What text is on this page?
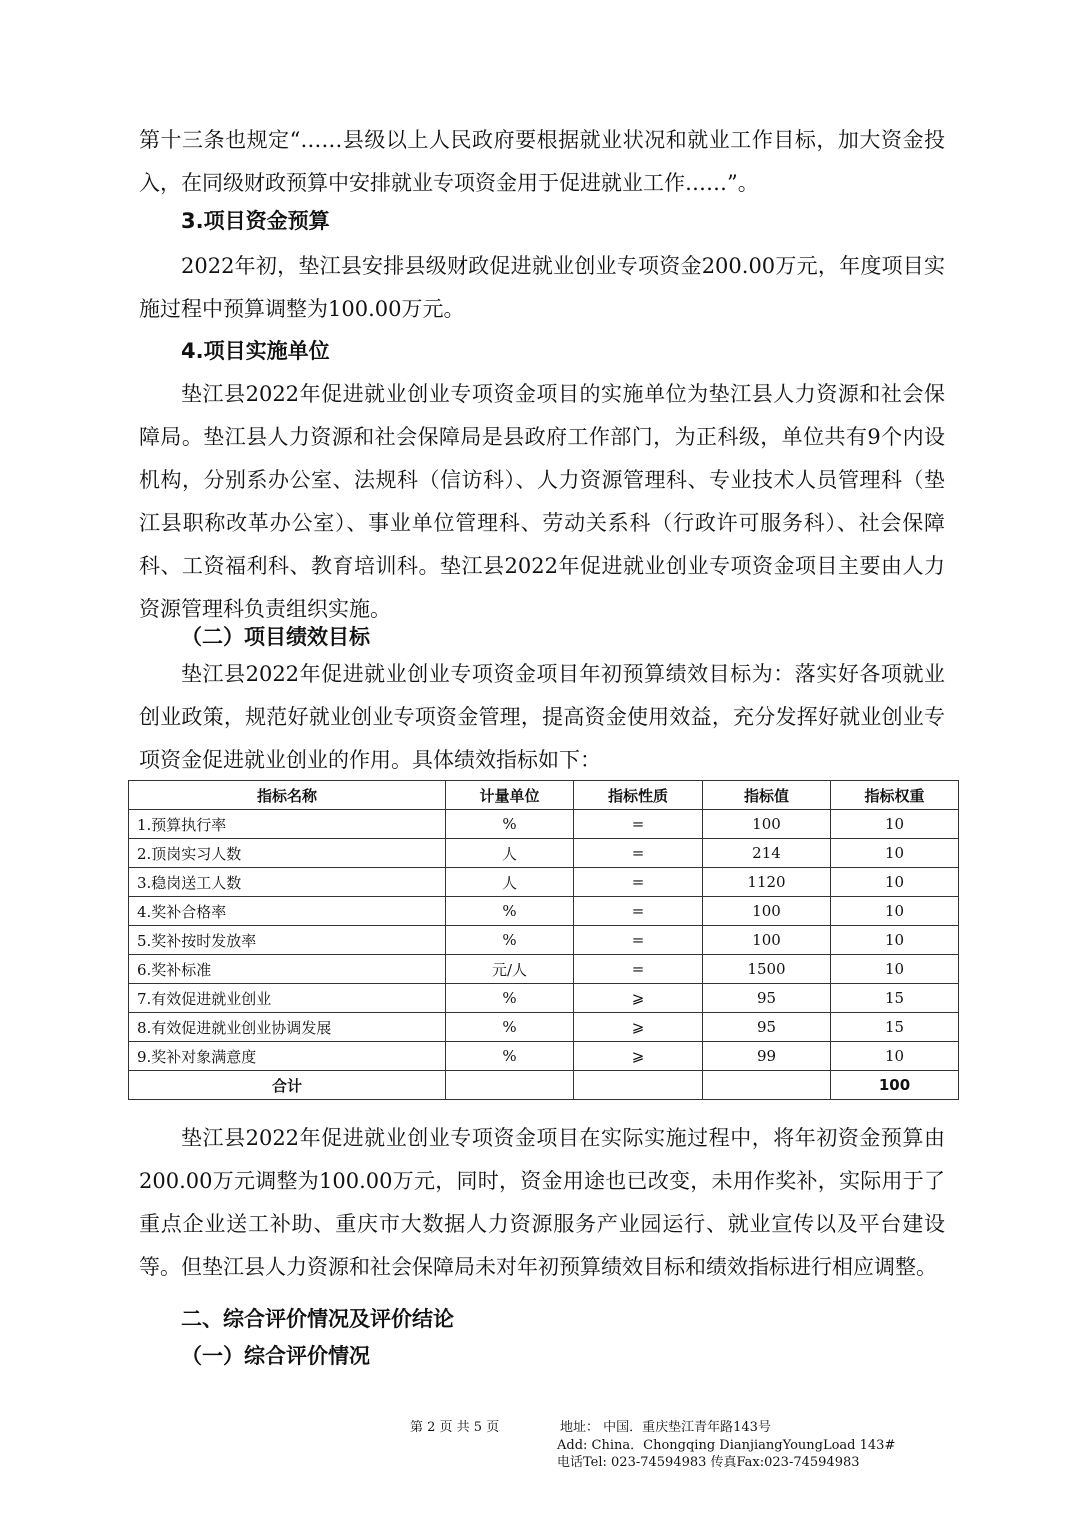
第十三条也规定“……县级以上人民政府要根据就业状况和就业工作目标，加大资金投入，在同级财政预算中安排就业专项资金用于促进就业工作……”。

3.项目资金预算

2022年初，垫江县安排县级财政促进就业创业专项资金200.00万元，年度项目实施过程中预算调整为100.00万元。

4.项目实施单位

垫江县2022年促进就业创业专项资金项目的实施单位为垫江县人力资源和社会保障局。垫江县人力资源和社会保障局是县政府工作部门，为正科级，单位共有9个内设机构，分别系办公室、法规科（信访科）、人力资源管理科、专业技术人员管理科（垫江县职称改革办公室）、事业单位管理科、劳动关系科（行政许可服务科）、社会保障科、工资福利科、教育培训科。垫江县2022年促进就业创业专项资金项目主要由人力资源管理科负责组织实施。

（二）项目绩效目标

垫江县2022年促进就业创业专项资金项目年初预算绩效目标为：落实好各项就业创业政策，规范好就业创业专项资金管理，提高资金使用效益，充分发挥好就业创业专项资金促进就业创业的作用。具体绩效指标如下：

指标名称	计量单位	指标性质	指标值	指标权重
1.预算执行率	%	=	100	10
2.顶岗实习人数	人	=	214	10
3.稳岗送工人数	人	=	1120	10
4.奖补合格率	%	=	100	10
5.奖补按时发放率	%	=	100	10
6.奖补标准	元/人	=	1500	10
7.有效促进就业创业	%	⩾	95	15
8.有效促进就业创业协调发展	%	⩾	95	15
9.奖补对象满意度	%	⩾	99	10
合计				100

垫江县2022年促进就业创业专项资金项目在实际实施过程中，将年初资金预算由200.00万元调整为100.00万元，同时，资金用途也已改变，未用作奖补，实际用于了重点企业送工补助、重庆市大数据人力资源服务产业园运行、就业宣传以及平台建设等。但垫江县人力资源和社会保障局未对年初预算绩效目标和绩效指标进行相应调整。

二、综合评价情况及评价结论

（一）综合评价情况

第 2 页 共 5 页	地址： 中国．重庆垫江青年路143号

Add: China．Chongqing DianjiangYoungLoad 143#

电话Tel: 023-74594983 传真Fax:023-74594983
